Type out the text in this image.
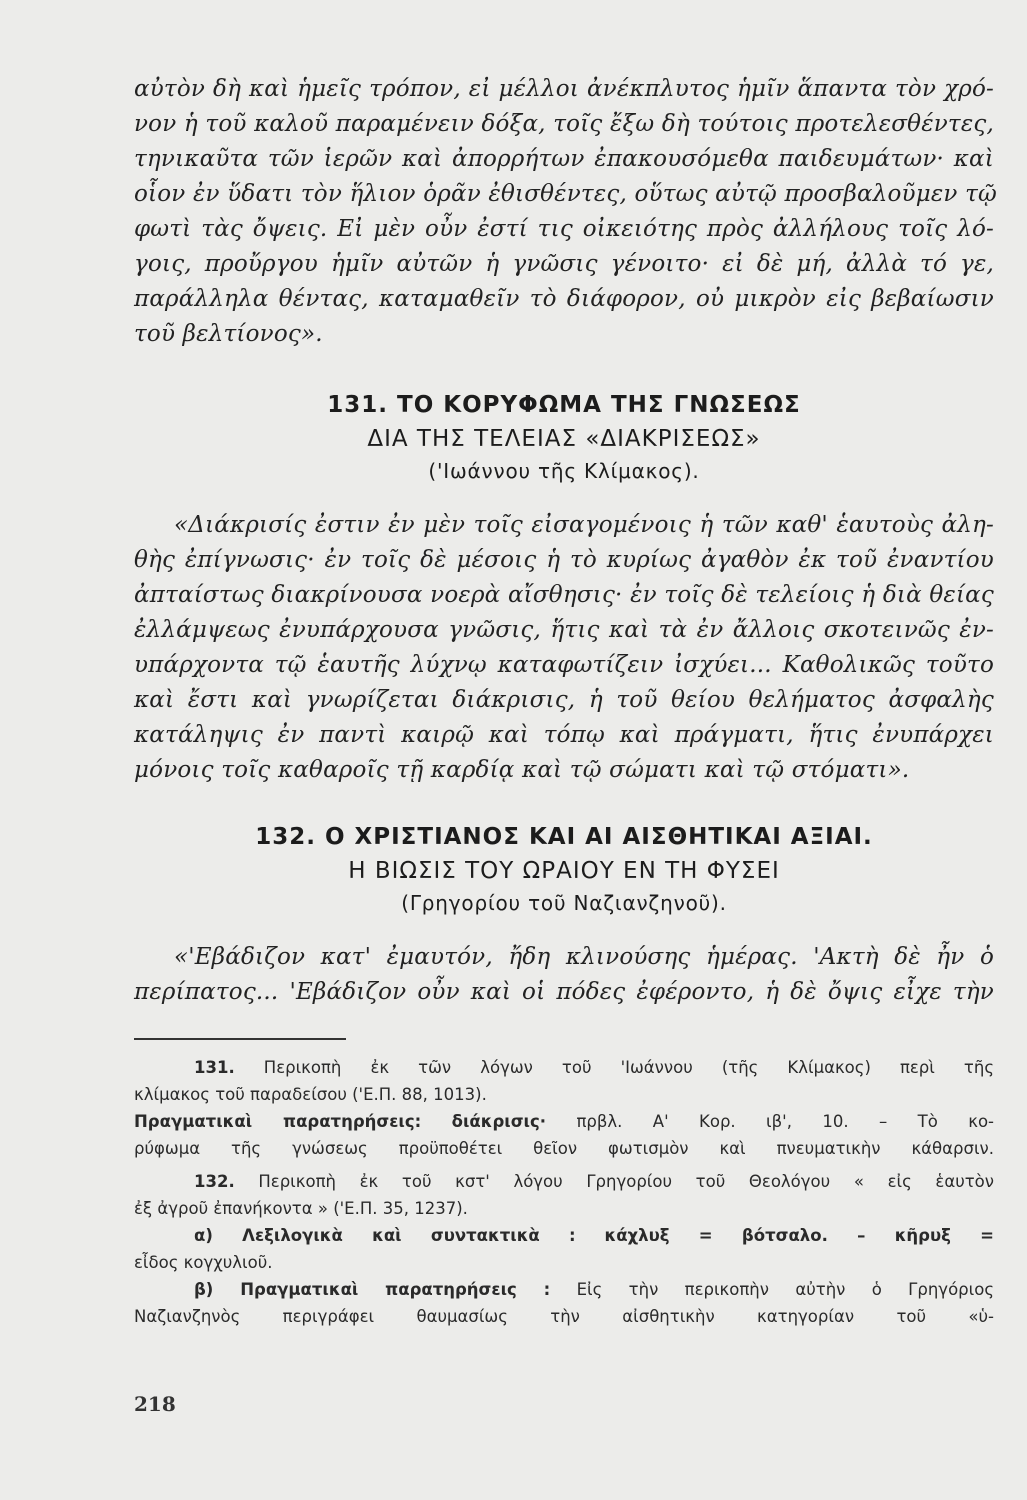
αὐτὸν δὴ καὶ ἡμεῖς τρόπον, εἰ μέλλοι ἀνέκπλυτος ἡμῖν ἅπαντα τὸν χρό-
νον ἡ τοῦ καλοῦ παραμένειν δόξα, τοῖς ἔξω δὴ τούτοις προτελεσθέντες,
τηνικαῦτα τῶν ἱερῶν καὶ ἀπορρήτων ἐπακουσόμεθα παιδευμάτων· καὶ
οἷον ἐν ὕδατι τὸν ἥλιον ὁρᾶν ἐθισθέντες, οὕτως αὐτῷ προσβαλοῦμεν τῷ
φωτὶ τὰς ὄψεις. Εἰ μὲν οὖν ἐστί τις οἰκειότης πρὸς ἀλλήλους τοῖς λό-
γοις, προὔργου ἡμῖν αὐτῶν ἡ γνῶσις γένοιτο· εἰ δὲ μή, ἀλλὰ τό γε,
παράλληλα θέντας, καταμαθεῖν τὸ διάφορον, οὐ μικρὸν εἰς βεβαίωσιν
τοῦ βελτίονος».
131. ΤΟ ΚΟΡΥΦΩΜΑ ΤΗΣ ΓΝΩΣΕΩΣ
ΔΙΑ ΤΗΣ ΤΕΛΕΙΑΣ «ΔΙΑΚΡΙΣΕΩΣ»
('Ιωάννου τῆς Κλίμακος).
«Διάκρισίς ἐστιν ἐν μὲν τοῖς εἰσαγομένοις ἡ τῶν καθ' ἑαυτοὺς ἀλη-
θὴς ἐπίγνωσις· ἐν τοῖς δὲ μέσοις ἡ τὸ κυρίως ἀγαθὸν ἐκ τοῦ ἐναντίου
ἀπταίστως διακρίνουσα νοερὰ αἴσθησις· ἐν τοῖς δὲ τελείοις ἡ διὰ θείας
ἐλλάμψεως ἐνυπάρχουσα γνῶσις, ἥτις καὶ τὰ ἐν ἄλλοις σκοτεινῶς ἐν-
υπάρχοντα τῷ ἑαυτῆς λύχνῳ καταφωτίζειν ἰσχύει... Καθολικῶς τοῦτο
καὶ ἔστι καὶ γνωρίζεται διάκρισις, ἡ τοῦ θείου θελήματος ἀσφαλὴς
κατάληψις ἐν παντὶ καιρῷ καὶ τόπῳ καὶ πράγματι, ἥτις ἐνυπάρχει
μόνοις τοῖς καθαροῖς τῇ καρδίᾳ καὶ τῷ σώματι καὶ τῷ στόματι».
132. Ο ΧΡΙΣΤΙΑΝΟΣ ΚΑΙ ΑΙ ΑΙΣΘΗΤΙΚΑΙ ΑΞΙΑΙ.
Η ΒΙΩΣΙΣ ΤΟΥ ΩΡΑΙΟΥ ΕΝ ΤΗ ΦΥΣΕΙ
(Γρηγορίου τοῦ Ναζιανζηνοῦ).
«'Εβάδιζον κατ' ἐμαυτόν, ἤδη κλινούσης ἡμέρας. 'Ακτὴ δὲ ἦν ὁ
περίπατος... 'Εβάδιζον οὖν καὶ οἱ πόδες ἐφέροντο, ἡ δὲ ὄψις εἶχε τὴν
131. Περικοπὴ ἐκ τῶν λόγων τοῦ 'Ιωάννου (τῆς Κλίμακος) περὶ τῆς
κλίμακος τοῦ παραδείσου ('Ε.Π. 88, 1013).
Πραγματικαὶ παρατηρήσεις: διάκρισις· πρβλ. Α' Κορ. ιβ', 10. – Τὸ κο-
ρύφωμα τῆς γνώσεως προϋποθέτει θεῖον φωτισμὸν καὶ πνευματικὴν κάθαρσιν.
132. Περικοπὴ ἐκ τοῦ κστ' λόγου Γρηγορίου τοῦ Θεολόγου « εἰς ἑαυτὸν
ἐξ ἀγροῦ ἐπανήκοντα » ('Ε.Π. 35, 1237).
α) Λεξιλογικὰ καὶ συντακτικὰ : κάχλυξ = βότσαλο. – κῆρυξ =
εἶδος κογχυλιοῦ.
β) Πραγματικαὶ παρατηρήσεις : Εἰς τὴν περικοπὴν αὐτὴν ὁ Γρηγόριος
Ναζιανζηνὸς περιγράφει θαυμασίως τὴν αἰσθητικὴν κατηγορίαν τοῦ «ὑ-
218
